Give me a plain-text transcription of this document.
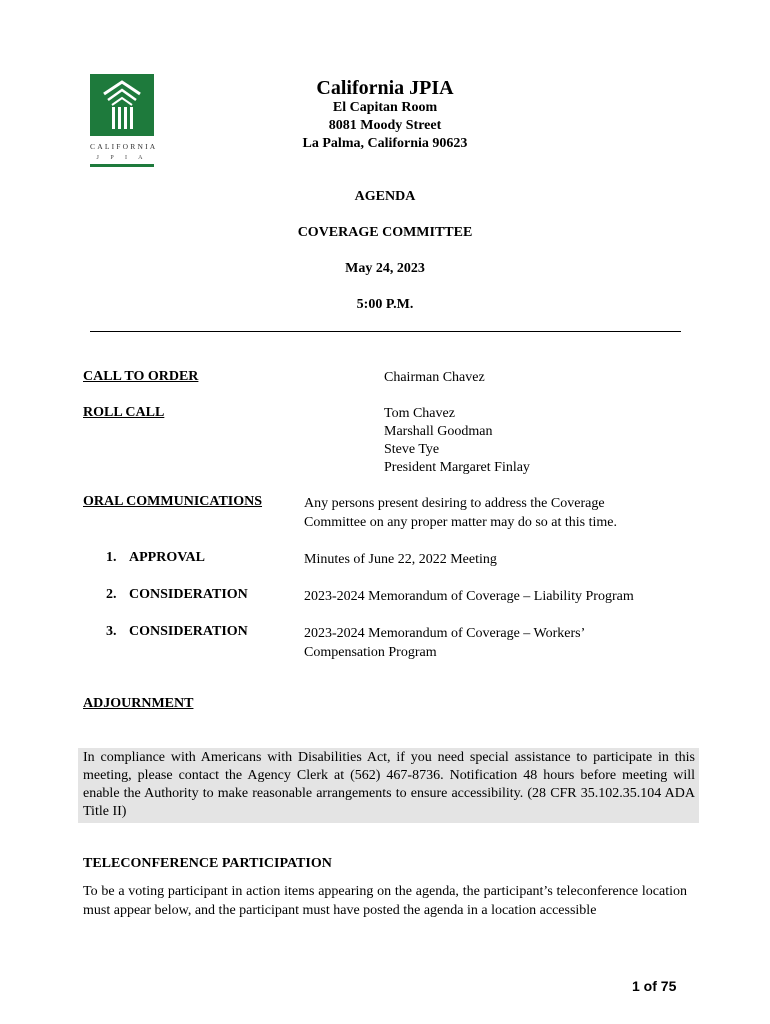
CALIFORNIA
J P I A
California JPIA
El Capitan Room
8081 Moody Street
La Palma, California 90623
AGENDA
COVERAGE COMMITTEE
May 24, 2023
5:00 P.M.
CALL TO ORDER	Chairman Chavez
ROLL CALL	Tom Chavez
Marshall Goodman
Steve Tye
President Margaret Finlay
ORAL COMMUNICATIONS	Any persons present desiring to address the Coverage Committee on any proper matter may do so at this time.
1. APPROVAL	Minutes of June 22, 2022 Meeting
2. CONSIDERATION	2023-2024 Memorandum of Coverage – Liability Program
3. CONSIDERATION	2023-2024 Memorandum of Coverage – Workers’ Compensation Program
ADJOURNMENT
In compliance with Americans with Disabilities Act, if you need special assistance to participate in this meeting, please contact the Agency Clerk at (562) 467-8736. Notification 48 hours before meeting will enable the Authority to make reasonable arrangements to ensure accessibility. (28 CFR 35.102.35.104 ADA Title II)
TELECONFERENCE PARTICIPATION
To be a voting participant in action items appearing on the agenda, the participant’s teleconference location must appear below, and the participant must have posted the agenda in a location accessible
1 of 75
